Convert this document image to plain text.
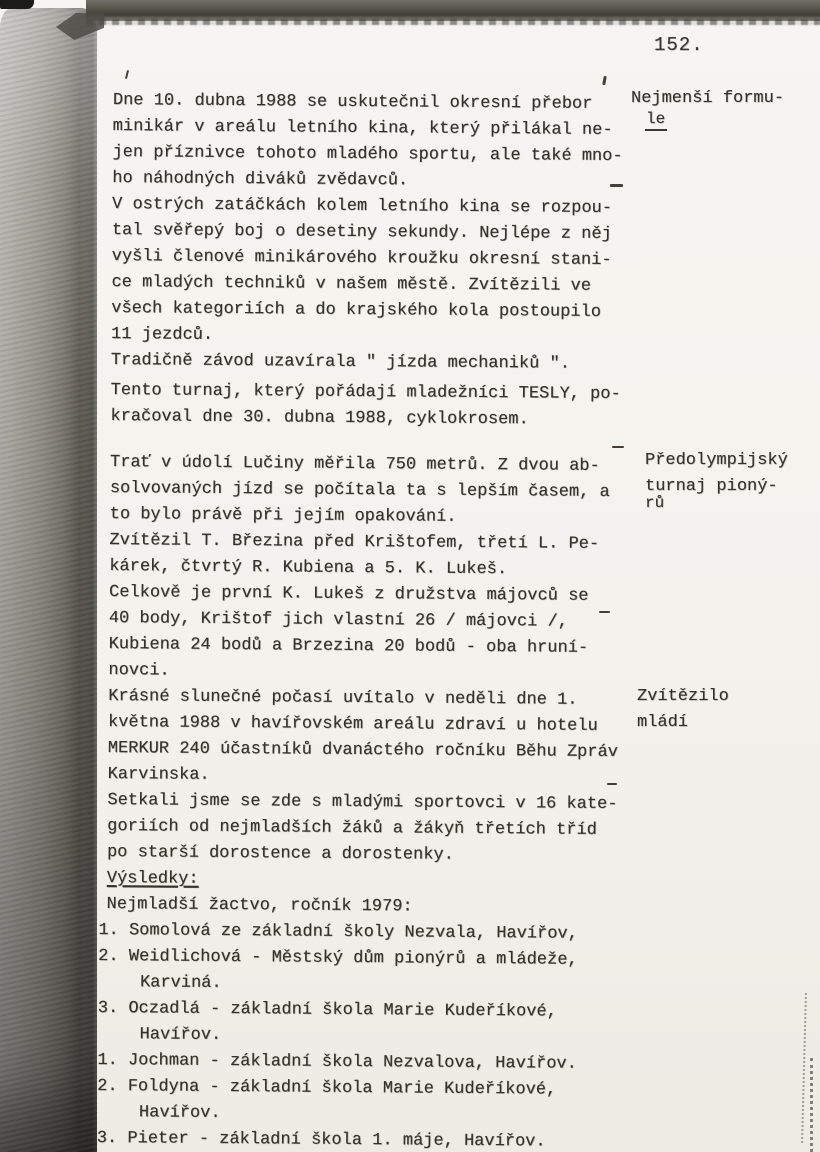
152.
Dne 10. dubna 1988 se uskutečnil okresní přebor
minikár v areálu letního kina, který přilákal ne-
jen příznivce tohoto mladého sportu, ale také mno-
ho náhodných diváků zvědavců.
V ostrých zatáčkách kolem letního kina se rozpou-
tal svěřepý boj o desetiny sekundy. Nejlépe z něj
vyšli členové minikárového kroužku okresní stani-
ce mladých techniků v našem městě. Zvítězili ve
všech kategoriích a do krajského kola postoupilo
11 jezdců.
Tradičně závod uzavírala " jízda mechaniků ".
Tento turnaj, který pořádají mladežníci TESLY, po-
kračoval dne 30. dubna 1988, cyklokrosem.
Trať v údolí Lučiny měřila 750 metrů. Z dvou ab-
solvovaných jízd se počítala ta s lepším časem, a
to bylo právě při jejím opakování.
Zvítězil T. Březina před Krištofem, třetí L. Pe-
kárek, čtvrtý R. Kubiena a 5. K. Lukeš.
Celkově je první K. Lukeš z družstva májovců se
40 body, Krištof jich vlastní 26 / májovci /,
Kubiena 24 bodů a Brzezina 20 bodů - oba hruní-
novci.
Krásné slunečné počasí uvítalo v neděli dne 1.
května 1988 v havířovském areálu zdraví u hotelu
MERKUR 240 účastníků dvanáctého ročníku Běhu Zpráv
Karvinska.
Setkali jsme se zde s mladými sportovci v 16 kate-
goriích od nejmladších žáků a žákyň třetích tříd
po starší dorostence a dorostenky.
Výsledky:
Nejmladší žactvo, ročník 1979:
1. Somolová ze základní školy Nezvala, Havířov,
2. Weidlichová - Městský dům pionýrů a mládeže,
Karviná.
3. Oczadlá - základní škola Marie Kudeříkové,
Havířov.
1. Jochman - základní škola Nezvalova, Havířov.
2. Foldyna - základní škola Marie Kudeříkové,
Havířov.
3. Pieter - základní škola 1. máje, Havířov.
Nejmenší formu-
le
Předolympijský
turnaj pioný-
rů
Zvítězilo
mládí
